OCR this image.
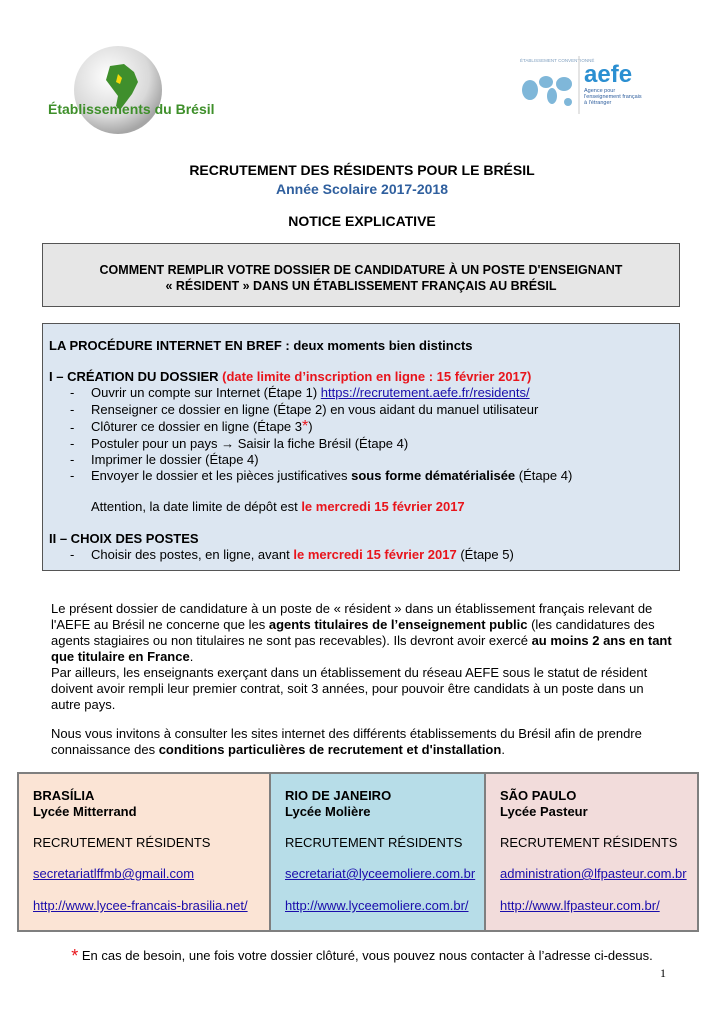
Établissements du Brésil
ÉTABLISSEMENT CONVENTIONNÉ
aefe
Agence pour
l'enseignement français
à l'étranger
RECRUTEMENT DES RÉSIDENTS POUR LE BRÉSIL
Année Scolaire 2017-2018
NOTICE EXPLICATIVE
COMMENT REMPLIR VOTRE DOSSIER DE CANDIDATURE À UN POSTE D'ENSEIGNANT
« RÉSIDENT » DANS UN ÉTABLISSEMENT FRANÇAIS AU BRÉSIL
LA PROCÉDURE INTERNET EN BREF : deux moments bien distincts
I – CRÉATION DU DOSSIER (date limite d’inscription en ligne : 15 février 2017)
- Ouvrir un compte sur Internet (Étape 1) https://recrutement.aefe.fr/residents/
- Renseigner ce dossier en ligne (Étape 2) en vous aidant du manuel utilisateur
- Clôturer ce dossier en ligne (Étape 3*)
- Postuler pour un pays → Saisir la fiche Brésil (Étape 4)
- Imprimer le dossier (Étape 4)
- Envoyer le dossier et les pièces justificatives sous forme dématérialisée (Étape 4)
Attention, la date limite de dépôt est le mercredi 15 février 2017
II – CHOIX DES POSTES
- Choisir des postes, en ligne, avant le mercredi 15 février 2017 (Étape 5)
Le présent dossier de candidature à un poste de « résident » dans un établissement français relevant de l'AEFE au Brésil ne concerne que les agents titulaires de l’enseignement public (les candidatures des agents stagiaires ou non titulaires ne sont pas recevables). Ils devront avoir exercé au moins 2 ans en tant que titulaire en France.
Par ailleurs, les enseignants exerçant dans un établissement du réseau AEFE sous le statut de résident doivent avoir rempli leur premier contrat, soit 3 années, pour pouvoir être candidats à un poste dans un autre pays.
Nous vous invitons à consulter les sites internet des différents établissements du Brésil afin de prendre connaissance des conditions particulières de recrutement et d'installation.
BRASÍLIA
Lycée Mitterrand
RECRUTEMENT RÉSIDENTS
secretariatlffmb@gmail.com
http://www.lycee-francais-brasilia.net/
RIO DE JANEIRO
Lycée Molière
RECRUTEMENT RÉSIDENTS
secretariat@lyceemoliere.com.br
http://www.lyceemoliere.com.br/
SÃO PAULO
Lycée Pasteur
RECRUTEMENT RÉSIDENTS
administration@lfpasteur.com.br
http://www.lfpasteur.com.br/
* En cas de besoin, une fois votre dossier clôturé, vous pouvez nous contacter à l’adresse ci-dessus.
1
